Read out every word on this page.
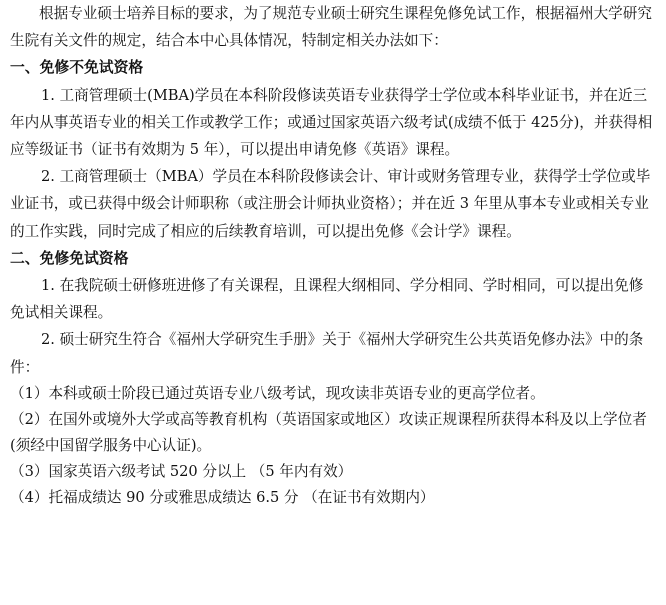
根据专业硕士培养目标的要求，为了规范专业硕士研究生课程免修免试工作，根据福州大学研究生院有关文件的规定，结合本中心具体情况，特制定相关办法如下：

一、免修不免试资格

1. 工商管理硕士(MBA)学员在本科阶段修读英语专业获得学士学位或本科毕业证书，并在近三年内从事英语专业的相关工作或教学工作；或通过国家英语六级考试(成绩不低于 425分)，并获得相应等级证书（证书有效期为 5 年），可以提出申请免修《英语》课程。

2. 工商管理硕士（MBA）学员在本科阶段修读会计、审计或财务管理专业，获得学士学位或毕业证书，或已获得中级会计师职称（或注册会计师执业资格）；并在近 3 年里从事本专业或相关专业的工作实践，同时完成了相应的后续教育培训，可以提出免修《会计学》课程。

二、免修免试资格

1. 在我院硕士研修班进修了有关课程，且课程大纲相同、学分相同、学时相同，可以提出免修免试相关课程。

2. 硕士研究生符合《福州大学研究生手册》关于《福州大学研究生公共英语免修办法》中的条件：

（1）本科或硕士阶段已通过英语专业八级考试，现攻读非英语专业的更高学位者。

（2）在国外或境外大学或高等教育机构（英语国家或地区）攻读正规课程所获得本科及以上学位者(须经中国留学服务中心认证)。

（3）国家英语六级考试 520 分以上 （5 年内有效）

（4）托福成绩达 90 分或雅思成绩达 6.5 分 （在证书有效期内）
